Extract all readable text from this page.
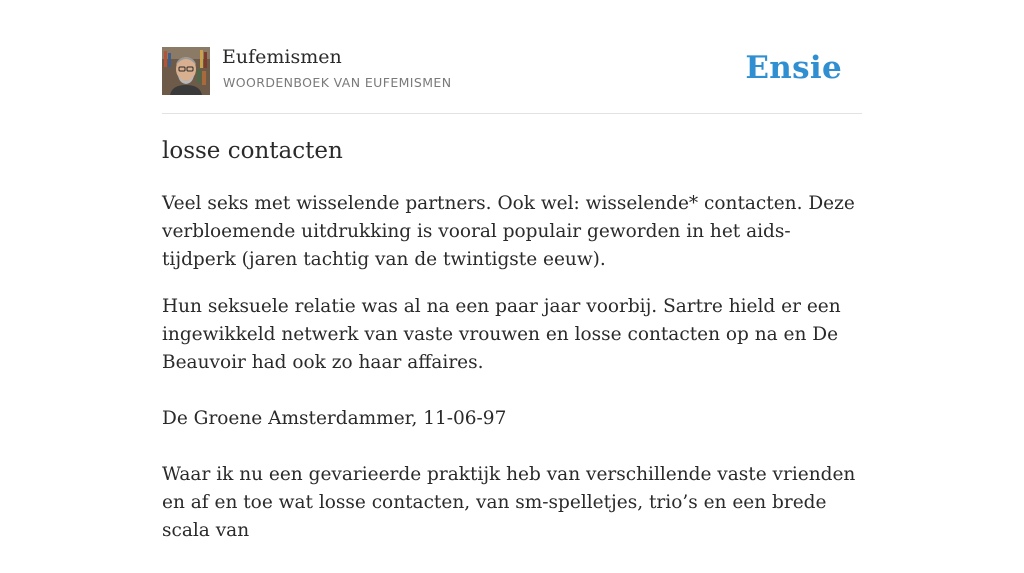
Eufemismen
WOORDENBOEK VAN EUFEMISMEN	Ensie
losse contacten

Veel seks met wisselende partners. Ook wel: wisselende* contacten. Deze verbloemende uitdrukking is vooral populair geworden in het aids-tijdperk (jaren tachtig van de twintigste eeuw).

Hun seksuele relatie was al na een paar jaar voorbij. Sartre hield er een ingewikkeld netwerk van vaste vrouwen en losse contacten op na en De Beauvoir had ook zo haar affaires.

De Groene Amsterdammer, 11-06-97

Waar ik nu een gevarieerde praktijk heb van verschillende vaste vrienden en af en toe wat losse contacten, van sm-spelletjes, trio’s en een brede scala van
